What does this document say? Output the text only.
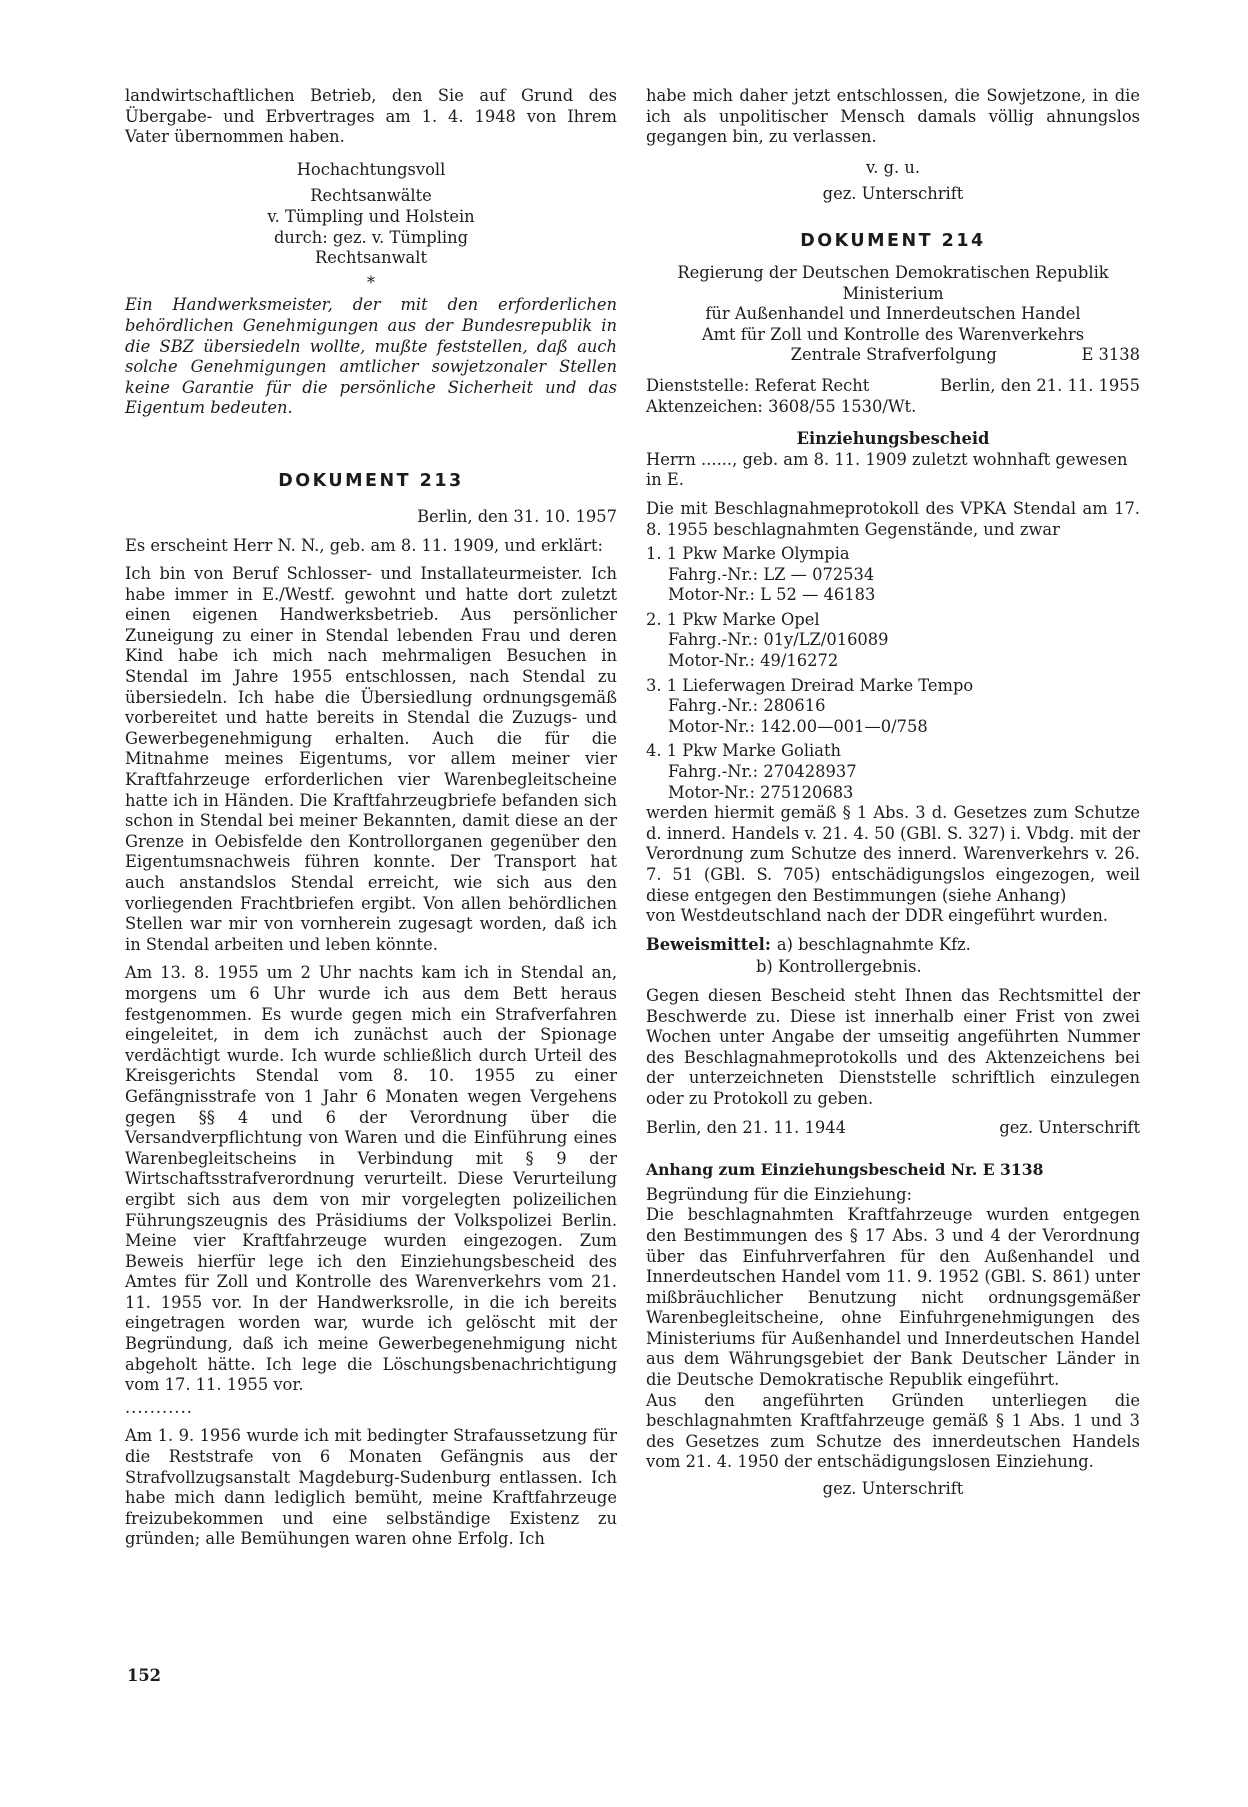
landwirtschaftlichen Betrieb, den Sie auf Grund des Übergabe- und Erbvertrages am 1. 4. 1948 von Ihrem Vater übernommen haben.

Hochachtungsvoll

Rechtsanwälte

v. Tümpling und Holstein

durch: gez. v. Tümpling

Rechtsanwalt

*

Ein Handwerksmeister, der mit den erforderlichen behördlichen Genehmigungen aus der Bundesrepublik in die SBZ übersiedeln wollte, mußte feststellen, daß auch solche Genehmigungen amtlicher sowjetzonaler Stellen keine Garantie für die persönliche Sicherheit und das Eigentum bedeuten.

DOKUMENT 213

Berlin, den 31. 10. 1957

Es erscheint Herr N. N., geb. am 8. 11. 1909, und erklärt:

Ich bin von Beruf Schlosser- und Installateurmeister. Ich habe immer in E./Westf. gewohnt und hatte dort zuletzt einen eigenen Handwerksbetrieb. Aus persönlicher Zuneigung zu einer in Stendal lebenden Frau und deren Kind habe ich mich nach mehrmaligen Besuchen in Stendal im Jahre 1955 entschlossen, nach Stendal zu übersiedeln. Ich habe die Übersiedlung ordnungsgemäß vorbereitet und hatte bereits in Stendal die Zuzugs- und Gewerbegenehmigung erhalten. Auch die für die Mitnahme meines Eigentums, vor allem meiner vier Kraftfahrzeuge erforderlichen vier Warenbegleitscheine hatte ich in Händen. Die Kraftfahrzeugbriefe befanden sich schon in Stendal bei meiner Bekannten, damit diese an der Grenze in Oebisfelde den Kontrollorganen gegenüber den Eigentumsnachweis führen konnte. Der Transport hat auch anstandslos Stendal erreicht, wie sich aus den vorliegenden Frachtbriefen ergibt. Von allen behördlichen Stellen war mir von vornherein zugesagt worden, daß ich in Stendal arbeiten und leben könnte.

Am 13. 8. 1955 um 2 Uhr nachts kam ich in Stendal an, morgens um 6 Uhr wurde ich aus dem Bett heraus festgenommen. Es wurde gegen mich ein Strafverfahren eingeleitet, in dem ich zunächst auch der Spionage verdächtigt wurde. Ich wurde schließlich durch Urteil des Kreisgerichts Stendal vom 8. 10. 1955 zu einer Gefängnisstrafe von 1 Jahr 6 Monaten wegen Vergehens gegen §§ 4 und 6 der Verordnung über die Versandverpflichtung von Waren und die Einführung eines Warenbegleitscheins in Verbindung mit § 9 der Wirtschaftsstrafverordnung verurteilt. Diese Verurteilung ergibt sich aus dem von mir vorgelegten polizeilichen Führungszeugnis des Präsidiums der Volkspolizei Berlin. Meine vier Kraftfahrzeuge wurden eingezogen. Zum Beweis hierfür lege ich den Einziehungsbescheid des Amtes für Zoll und Kontrolle des Warenverkehrs vom 21. 11. 1955 vor. In der Handwerksrolle, in die ich bereits eingetragen worden war, wurde ich gelöscht mit der Begründung, daß ich meine Gewerbegenehmigung nicht abgeholt hätte. Ich lege die Löschungsbenachrichtigung vom 17. 11. 1955 vor.

...........

Am 1. 9. 1956 wurde ich mit bedingter Strafaussetzung für die Reststrafe von 6 Monaten Gefängnis aus der Strafvollzugsanstalt Magdeburg-Sudenburg entlassen. Ich habe mich dann lediglich bemüht, meine Kraftfahrzeuge freizubekommen und eine selbständige Existenz zu gründen; alle Bemühungen waren ohne Erfolg. Ich

habe mich daher jetzt entschlossen, die Sowjetzone, in die ich als unpolitischer Mensch damals völlig ahnungslos gegangen bin, zu verlassen.

v. g. u.

gez. Unterschrift

DOKUMENT 214

Regierung der Deutschen Demokratischen Republik

Ministerium

für Außenhandel und Innerdeutschen Handel

Amt für Zoll und Kontrolle des Warenverkehrs

Zentrale Strafverfolgung	E 3138
Dienststelle: Referat Recht	Berlin, den 21. 11. 1955

Aktenzeichen: 3608/55 1530/Wt.

Einziehungsbescheid

Herrn ......, geb. am 8. 11. 1909 zuletzt wohnhaft gewesen in E.

Die mit Beschlagnahmeprotokoll des VPKA Stendal am 17. 8. 1955 beschlagnahmten Gegenstände, und zwar

1. 1 Pkw Marke Olympia
Fahrg.-Nr.: LZ — 072534
Motor-Nr.: L 52 — 46183
2. 1 Pkw Marke Opel
Fahrg.-Nr.: 01y/LZ/016089
Motor-Nr.: 49/16272
3. 1 Lieferwagen Dreirad Marke Tempo
Fahrg.-Nr.: 280616
Motor-Nr.: 142.00—001—0/758
4. 1 Pkw Marke Goliath
Fahrg.-Nr.: 270428937
Motor-Nr.: 275120683

werden hiermit gemäß § 1 Abs. 3 d. Gesetzes zum Schutze d. innerd. Handels v. 21. 4. 50 (GBl. S. 327) i. Vbdg. mit der Verordnung zum Schutze des innerd. Warenverkehrs v. 26. 7. 51 (GBl. S. 705) entschädigungslos eingezogen, weil diese entgegen den Bestimmungen (siehe Anhang)

von Westdeutschland nach der DDR eingeführt wurden.

Beweismittel: a) beschlagnahmte Kfz.

b) Kontrollergebnis.

Gegen diesen Bescheid steht Ihnen das Rechtsmittel der Beschwerde zu. Diese ist innerhalb einer Frist von zwei Wochen unter Angabe der umseitig angeführten Nummer des Beschlagnahmeprotokolls und des Aktenzeichens bei der unterzeichneten Dienststelle schriftlich einzulegen oder zu Protokoll zu geben.

Berlin, den 21. 11. 1944	gez. Unterschrift

Anhang zum Einziehungsbescheid Nr. E 3138

Begründung für die Einziehung:

Die beschlagnahmten Kraftfahrzeuge wurden entgegen den Bestimmungen des § 17 Abs. 3 und 4 der Verordnung über das Einfuhrverfahren für den Außenhandel und Innerdeutschen Handel vom 11. 9. 1952 (GBl. S. 861) unter mißbräuchlicher Benutzung nicht ordnungsgemäßer Warenbegleitscheine, ohne Einfuhrgenehmigungen des Ministeriums für Außenhandel und Innerdeutschen Handel aus dem Währungsgebiet der Bank Deutscher Länder in die Deutsche Demokratische Republik eingeführt.

Aus den angeführten Gründen unterliegen die beschlagnahmten Kraftfahrzeuge gemäß § 1 Abs. 1 und 3 des Gesetzes zum Schutze des innerdeutschen Handels vom 21. 4. 1950 der entschädigungslosen Einziehung.

gez. Unterschrift

152
